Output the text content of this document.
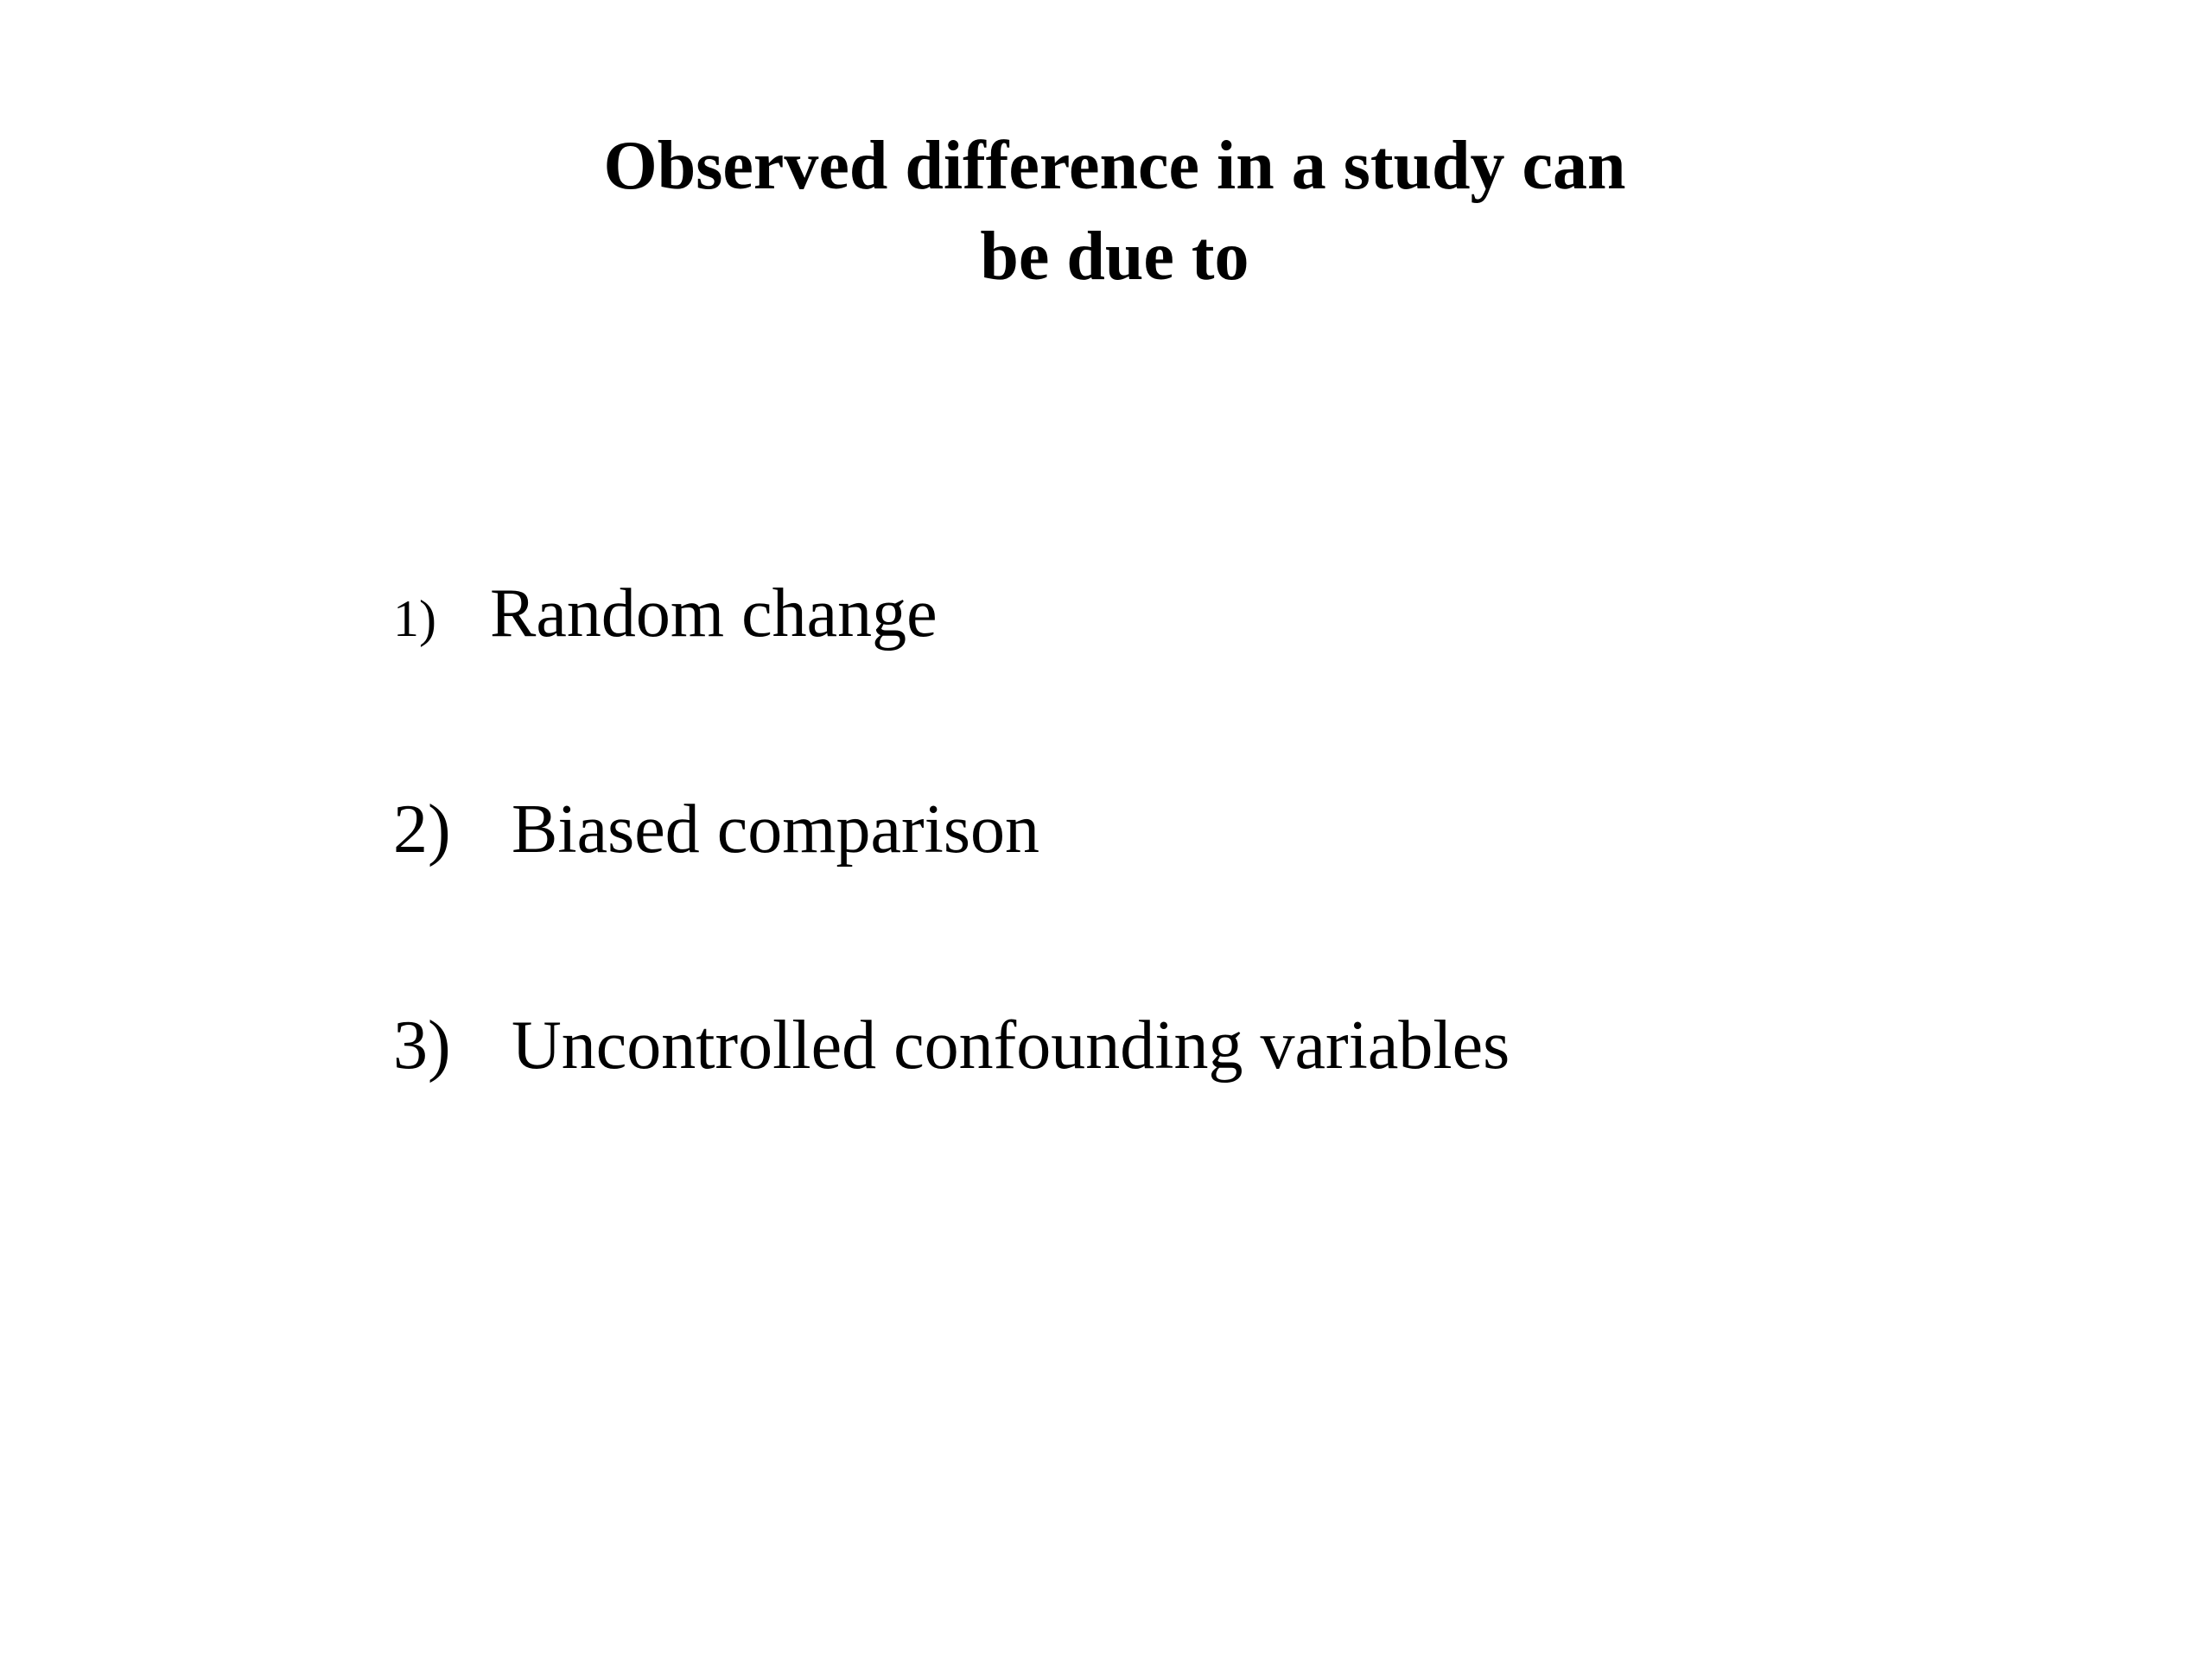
Observed difference in a study can
be due to
1) Random change
2) Biased comparison
3) Uncontrolled confounding variables
